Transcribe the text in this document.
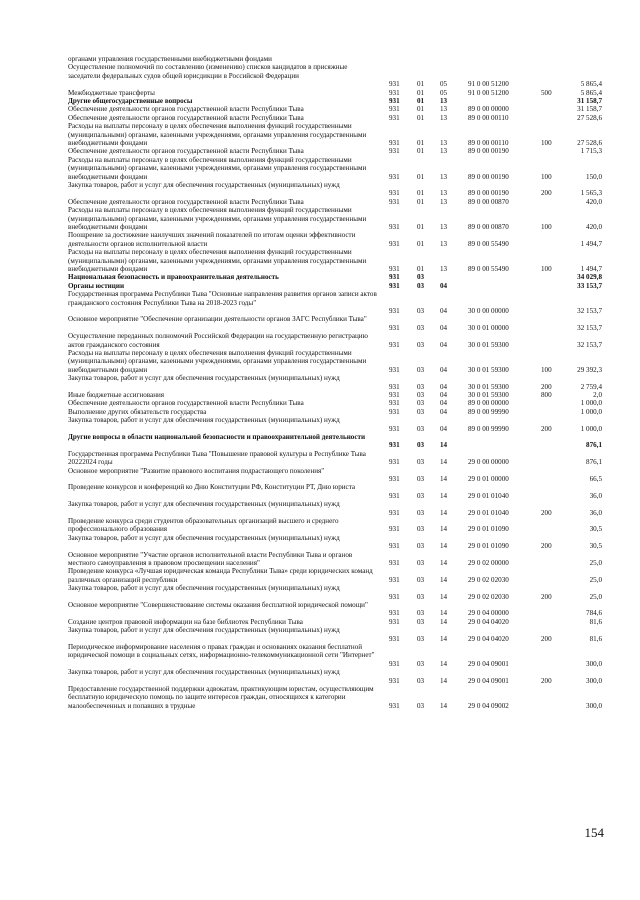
органами управления государственными внебюджетными фондами
Осуществление полномочий по составлению (изменению) списков кандидатов в присяжные заседатели федеральных судов общей юрисдикции в Российской Федерации
931 01 05	91 0 00 51200	5 865,4
Межбюджетные трансферты	931 01 05	91 0 00 51200	500	5 865,4
Другие общегосударственные вопросы	931 01 13	31 158,7
Обеспечение деятельности органов государственной власти Республики Тыва	931 01 13	89 0 00 00000	31 158,7
Обеспечение деятельности органов государственной власти Республики Тыва	931 01 13	89 0 00 00110	27 528,6
Расходы на выплаты персоналу в целях обеспечения выполнения функций государственными (муниципальными) органами, казенными учреждениями, органами управления государственными внебюджетными фондами	931 01 13	89 0 00 00110	100	27 528,6
Обеспечение деятельности органов государственной власти Республики Тыва	931 01 13	89 0 00 00190	1 715,3
Расходы на выплаты персоналу в целях обеспечения выполнения функций государственными (муниципальными) органами, казенными учреждениями, органами управления государственными внебюджетными фондами	931 01 13	89 0 00 00190	100	150,0
Закупка товаров, работ и услуг для обеспечения государственных (муниципальных) нужд
931 01 13	89 0 00 00190	200	1 565,3
Обеспечение деятельности органов государственной власти Республики Тыва	931 01 13	89 0 00 00870	420,0
Расходы на выплаты персоналу в целях обеспечения выполнения функций государственными (муниципальными) органами, казенными учреждениями, органами управления государственными внебюджетными фондами	931 01 13	89 0 00 00870	100	420,0
Поощрение за достижение наилучших значений показателей по итогам оценки эффективности деятельности органов исполнительной власти	931 01 13	89 0 00 55490	1 494,7
Расходы на выплаты персоналу в целях обеспечения выполнения функций государственными (муниципальными) органами, казенными учреждениями, органами управления государственными внебюджетными фондами	931 01 13	89 0 00 55490	100	1 494,7
Национальная безопасность и правоохранительная деятельность	931 03	34 029,8
Органы юстиции	931 03 04	33 153,7
Государственная программа Республики Тыва "Основные направления развития органов записи актов гражданского состояния Республики Тыва на 2018-2023 годы"
931 03 04	30 0 00 00000	32 153,7
Основное мероприятие "Обеспечение организации деятельности органов ЗАГС Республики Тыва"
931 03 04	30 0 01 00000	32 153,7
Осуществление переданных полномочий Российской Федерации на государственную регистрацию актов гражданского состояния	931 03 04	30 0 01 59300	32 153,7
Расходы на выплаты персоналу в целях обеспечения выполнения функций государственными (муниципальными) органами, казенными учреждениями, органами управления государственными внебюджетными фондами	931 03 04	30 0 01 59300	100	29 392,3
Закупка товаров, работ и услуг для обеспечения государственных (муниципальных) нужд
931 03 04	30 0 01 59300	200	2 759,4
Иные бюджетные ассигнования	931 03 04	30 0 01 59300	800	2,0
Обеспечение деятельности органов государственной власти Республики Тыва	931 03 04	89 0 00 00000	1 000,0
Выполнение других обязательств государства	931 03 04	89 0 00 99990	1 000,0
Закупка товаров, работ и услуг для обеспечения государственных (муниципальных) нужд
931 03 04	89 0 00 99990	200	1 000,0
Другие вопросы в области национальной безопасности и правоохранительной деятельности
931 03 14	876,1
Государственная программа Республики Тыва "Повышение правовой культуры в Республике Тыва 20222024 годы	931 03 14	29 0 00 00000	876,1
Основное мероприятие "Развитие правового воспитания подрастающего поколения"
931 03 14	29 0 01 00000	66,5
Проведение конкурсов и конференций ко Дню Конституции РФ, Конституции РТ, Дню юриста
931 03 14	29 0 01 01040	36,0
Закупка товаров, работ и услуг для обеспечения государственных (муниципальных) нужд
931 03 14	29 0 01 01040	200	36,0
Проведение конкурса среди студентов образовательных организаций высшего и среднего профессионального образования	931 03 14	29 0 01 01090	30,5
Закупка товаров, работ и услуг для обеспечения государственных (муниципальных) нужд
931 03 14	29 0 01 01090	200	30,5
Основное мероприятие "Участие органов исполнительной власти Республики Тыва и органов местного самоуправления в правовом просвещении населения"	931 03 14	29 0 02 00000	25,0
Проведение конкурса «Лучшая юридическая команда Республики Тыва» среди юридических команд различных организаций республики	931 03 14	29 0 02 02030	25,0
Закупка товаров, работ и услуг для обеспечения государственных (муниципальных) нужд
931 03 14	29 0 02 02030	200	25,0
Основное мероприятие "Совершенствование системы оказания бесплатной юридической помощи"
931 03 14	29 0 04 00000	784,6
Создание центров правовой информации на базе библиотек Республики Тыва	931 03 14	29 0 04 04020	81,6
Закупка товаров, работ и услуг для обеспечения государственных (муниципальных) нужд
931 03 14	29 0 04 04020	200	81,6
Периодическое информирование населения о правах граждан и основаниях оказания бесплатной юридической помощи в социальных сетях, информационно-телекоммуникационной сети "Интернет"
931 03 14	29 0 04 09001	300,0
Закупка товаров, работ и услуг для обеспечения государственных (муниципальных) нужд
931 03 14	29 0 04 09001	200	300,0
Предоставление государственной поддержки адвокатам, практикующим юристам, осуществляющим бесплатную юридическую помощь по защите интересов граждан, относящихся к категории малообеспеченных и попавших в трудные	931 03 14	29 0 04 09002	300,0
154
